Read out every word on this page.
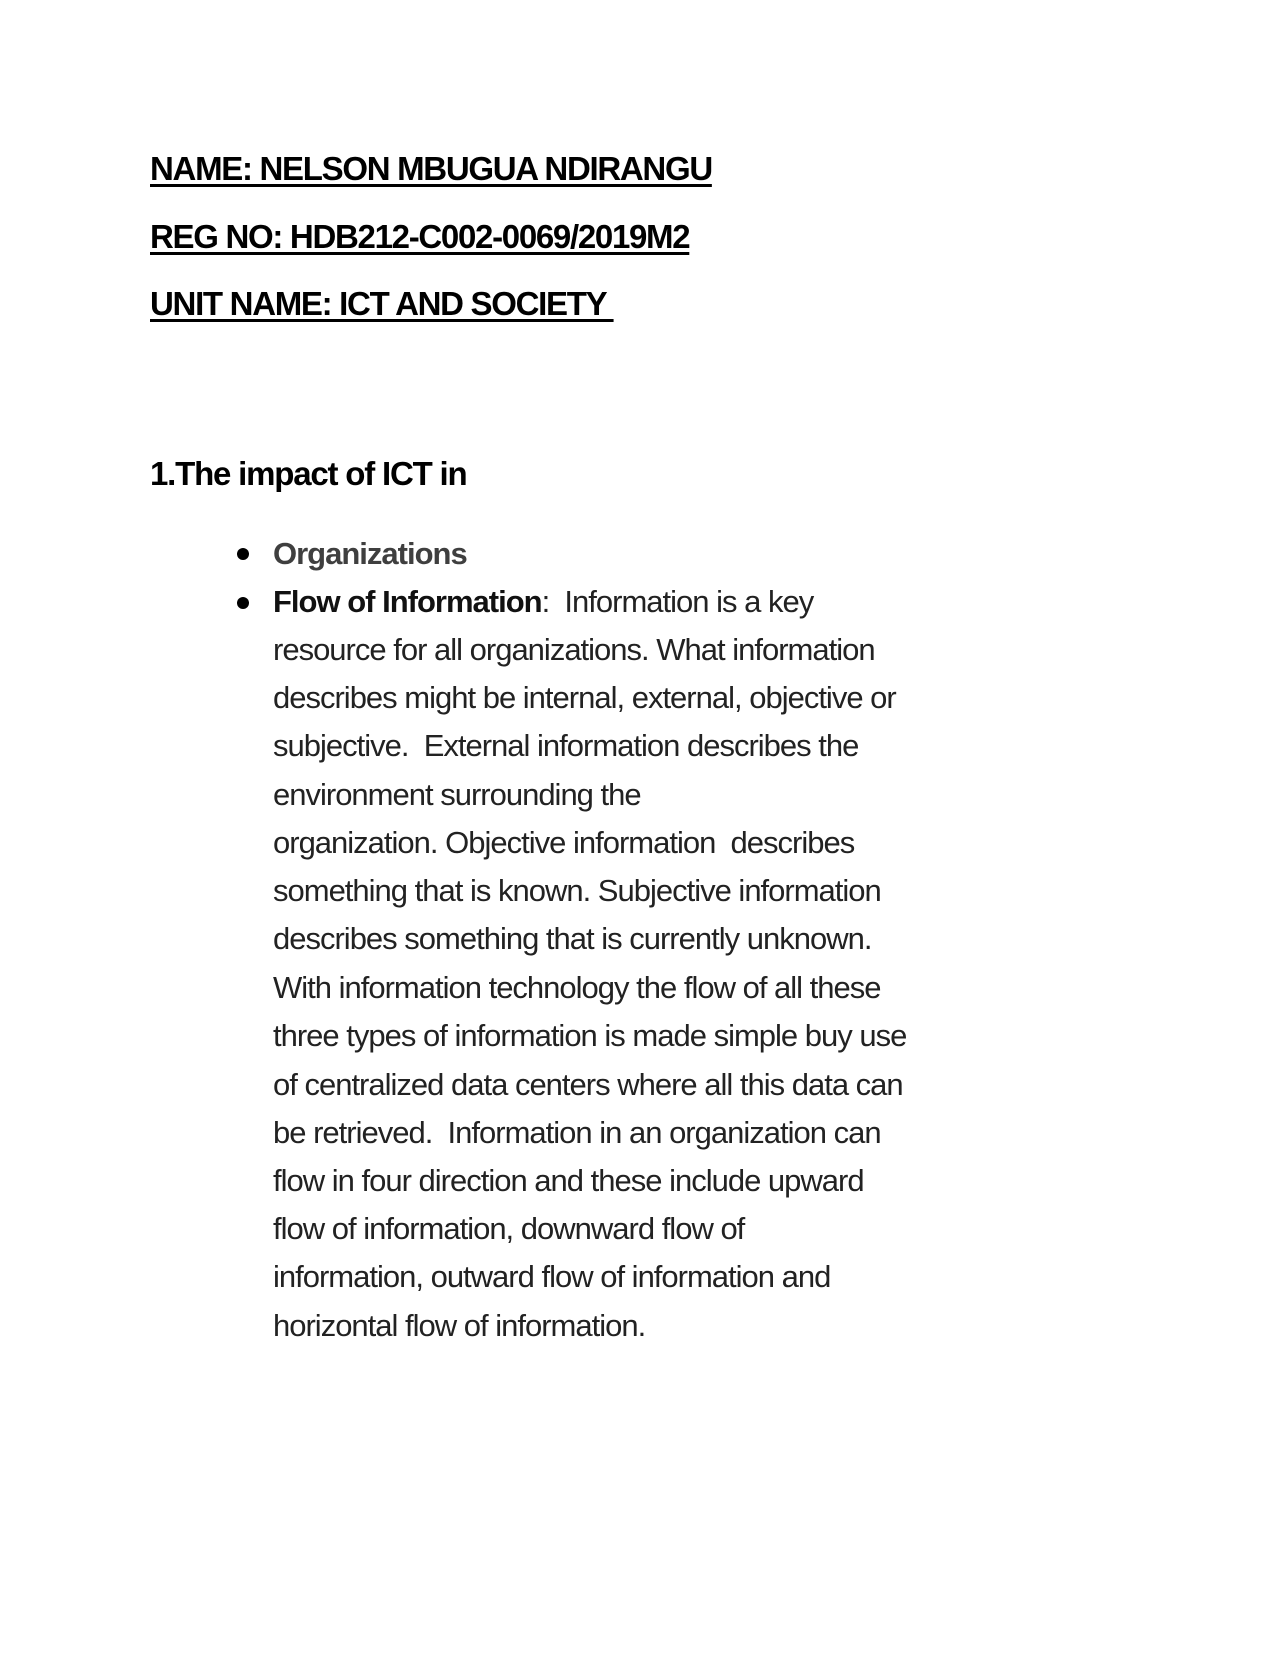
NAME: NELSON MBUGUA NDIRANGU
REG NO: HDB212-C002-0069/2019M2
UNIT NAME: ICT AND SOCIETY
1.The impact of ICT in
Organizations
Flow of Information:  Information is a key
resource for all organizations. What information
describes might be internal, external, objective or
subjective.  External information describes the
environment surrounding the
organization. Objective information  describes
something that is known. Subjective information
describes something that is currently unknown.
With information technology the flow of all these
three types of information is made simple buy use
of centralized data centers where all this data can
be retrieved.  Information in an organization can
flow in four direction and these include upward
flow of information, downward flow of
information, outward flow of information and
horizontal flow of information.
